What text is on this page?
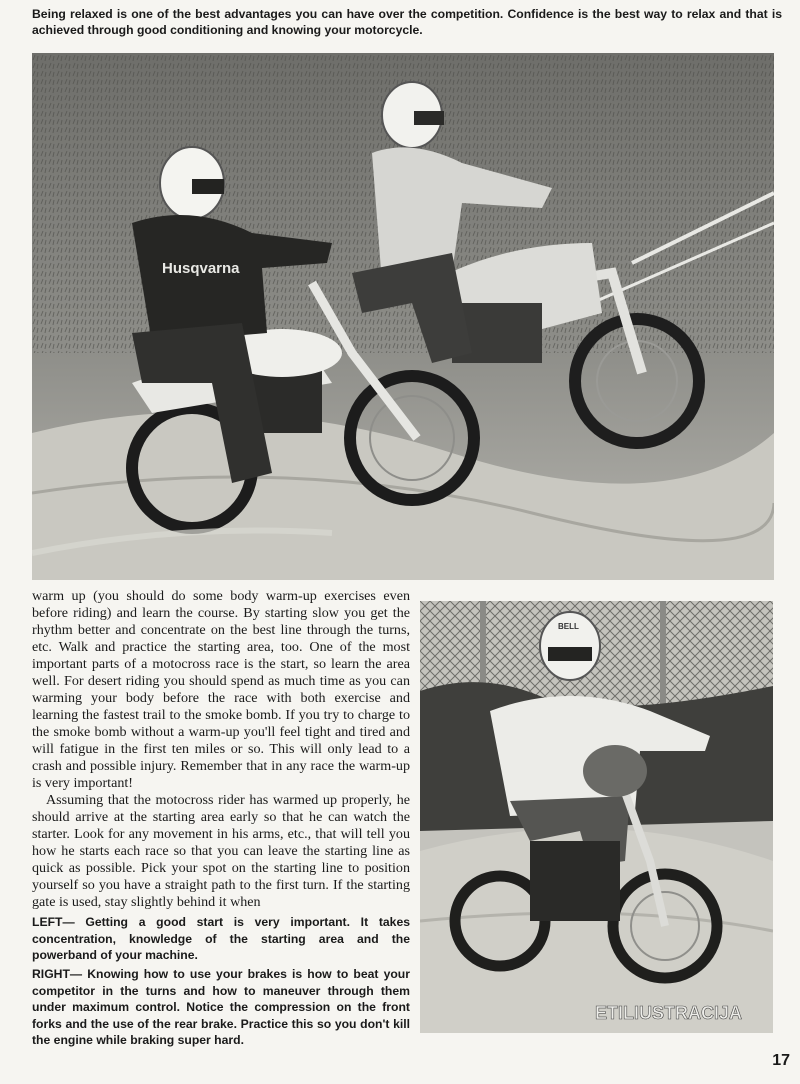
Being relaxed is one of the best advantages you can have over the competition. Confidence is the best way to relax and that is achieved through good conditioning and knowing your motorcycle.

Husqvarna

warm up (you should do some body warm-up exercises even before riding) and learn the course. By starting slow you get the rhythm better and concentrate on the best line through the turns, etc. Walk and practice the starting area, too. One of the most important parts of a motocross race is the start, so learn the area well. For desert riding you should spend as much time as you can warming your body before the race with both exercise and learning the fastest trail to the smoke bomb. If you try to charge to the smoke bomb without a warm-up you'll feel tight and tired and will fatigue in the first ten miles or so. This will only lead to a crash and possible injury. Remember that in any race the warm-up is very important!

Assuming that the motocross rider has warmed up properly, he should arrive at the starting area early so that he can watch the starter. Look for any movement in his arms, etc., that will tell you how he starts each race so that you can leave the starting line as quick as possible. Pick your spot on the starting line to position yourself so you have a straight path to the first turn. If the starting gate is used, stay slightly behind it when

BELL
ETILIUSTRACIJA

LEFT— Getting a good start is very important. It takes concentration, knowledge of the starting area and the powerband of your machine.

RIGHT— Knowing how to use your brakes is how to beat your competitor in the turns and how to maneuver through them under maximum control. Notice the compression on the front forks and the use of the rear brake. Practice this so you don't kill the engine while braking super hard.

17
